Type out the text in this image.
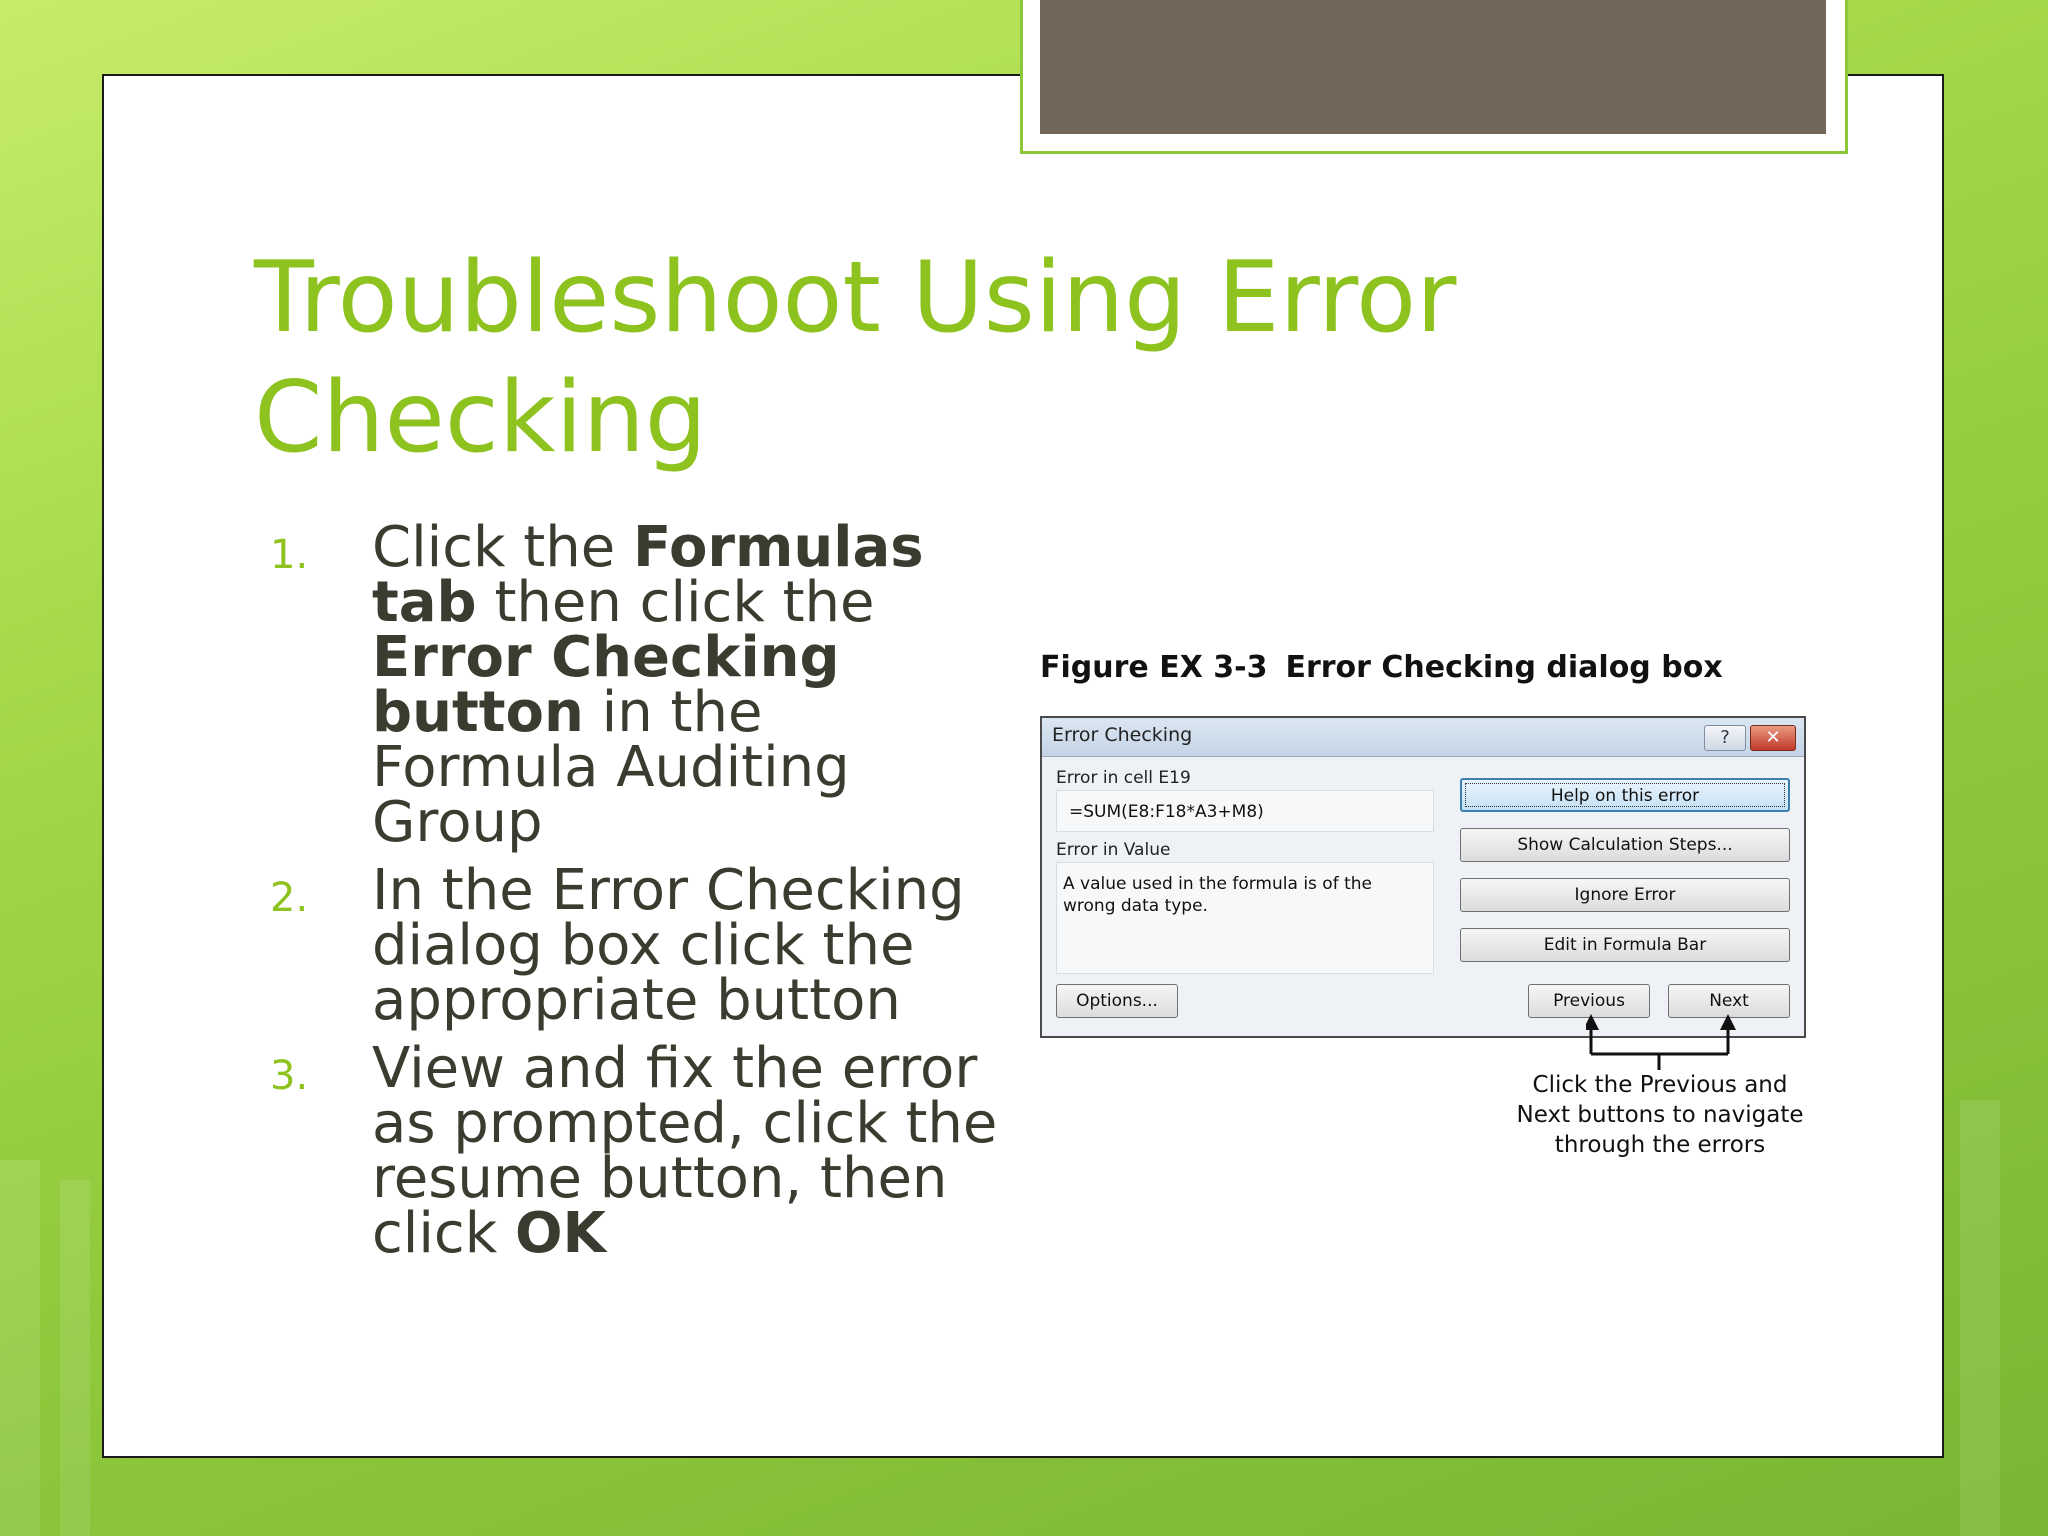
Troubleshoot Using Error Checking
1. Click the Formulas tab then click the Error Checking button in the Formula Auditing Group
2. In the Error Checking dialog box click the appropriate button
3. View and fix the error as prompted, click the resume button, then click OK
Figure EX 3-3 Error Checking dialog box
Error Checking	?	✕
Error in cell E19
=SUM(E8:F18*A3+M8)
Error in Value
A value used in the formula is of the wrong data type.
Help on this error
Show Calculation Steps...
Ignore Error
Edit in Formula Bar
Options...	Previous	Next
Click the Previous and Next buttons to navigate through the errors
